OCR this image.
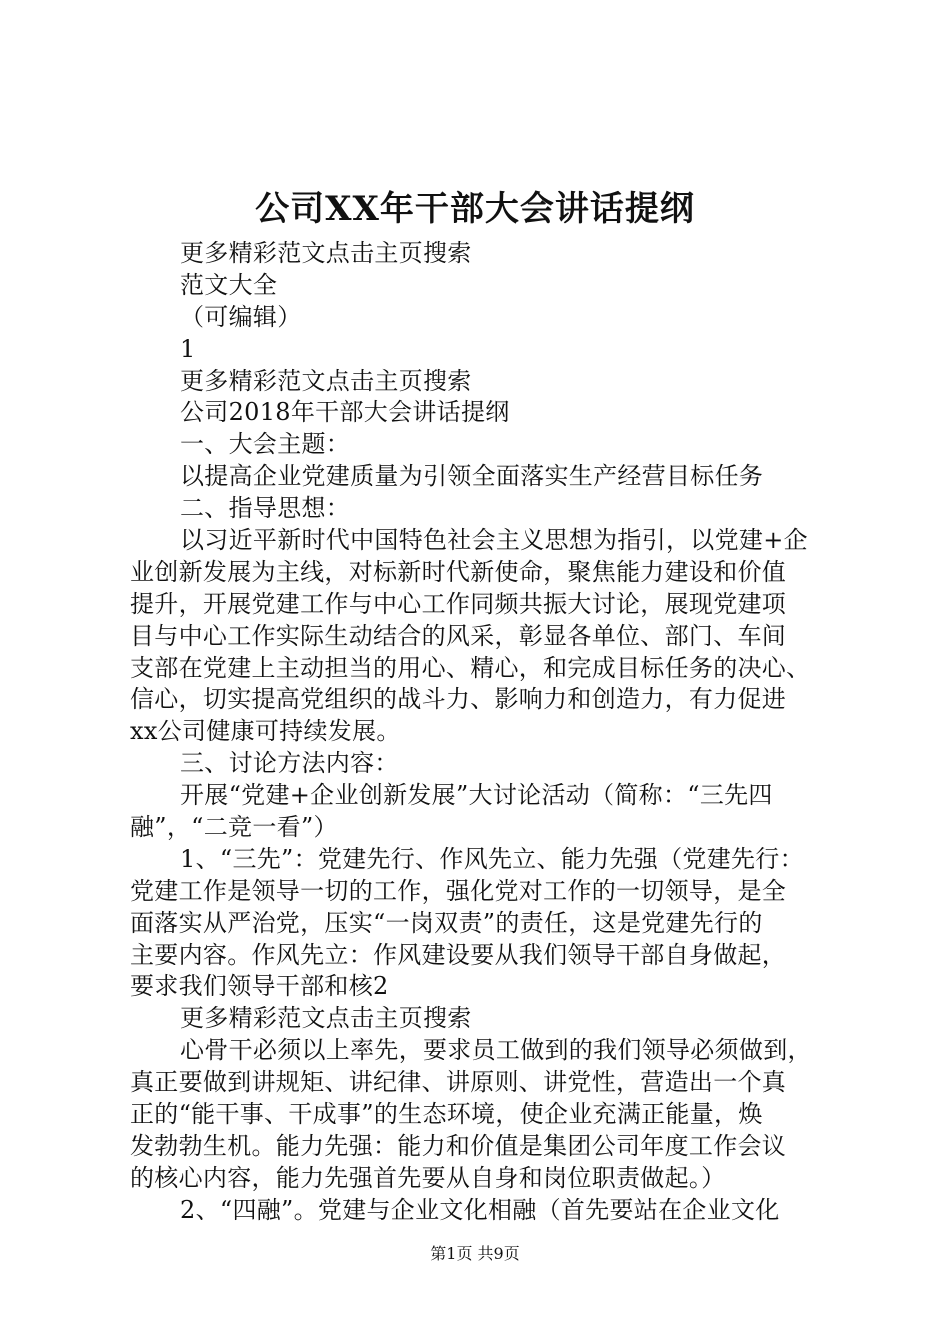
公司XX年干部大会讲话提纲
更多精彩范文点击主页搜索
范文大全
（可编辑）
1
更多精彩范文点击主页搜索
公司2018年干部大会讲话提纲
一、大会主题：
以提高企业党建质量为引领全面落实生产经营目标任务
二、指导思想：
以习近平新时代中国特色社会主义思想为指引，以党建+企
业创新发展为主线，对标新时代新使命，聚焦能力建设和价值
提升，开展党建工作与中心工作同频共振大讨论，展现党建项
目与中心工作实际生动结合的风采，彰显各单位、部门、车间
支部在党建上主动担当的用心、精心，和完成目标任务的决心、
信心，切实提高党组织的战斗力、影响力和创造力，有力促进
xx公司健康可持续发展。
三、讨论方法内容：
开展“党建+企业创新发展”大讨论活动（简称：“三先四
融”，“二竞一看”）
1、“三先”：党建先行、作风先立、能力先强（党建先行：
党建工作是领导一切的工作，强化党对工作的一切领导，是全
面落实从严治党，压实“一岗双责”的责任，这是党建先行的
主要内容。作风先立：作风建设要从我们领导干部自身做起，
要求我们领导干部和核2
更多精彩范文点击主页搜索
心骨干必须以上率先，要求员工做到的我们领导必须做到，
真正要做到讲规矩、讲纪律、讲原则、讲党性，营造出一个真
正的“能干事、干成事”的生态环境，使企业充满正能量，焕
发勃勃生机。能力先强：能力和价值是集团公司年度工作会议
的核心内容，能力先强首先要从自身和岗位职责做起。）
2、“四融”。党建与企业文化相融（首先要站在企业文化
第1页 共9页
